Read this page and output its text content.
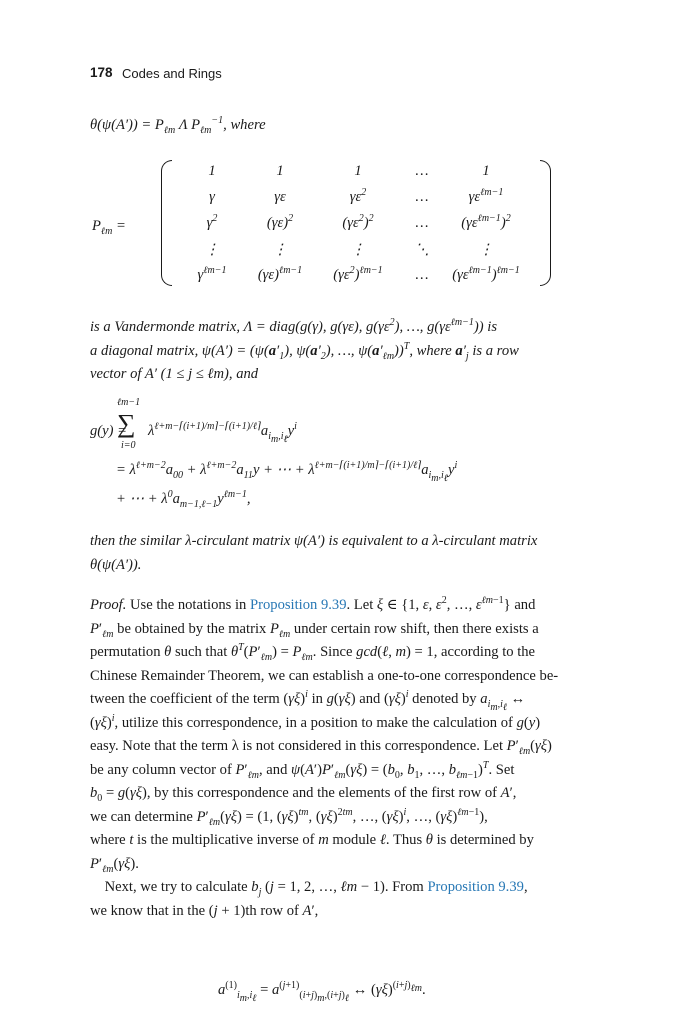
178 Codes and Rings
$\theta(\psi(A')) = P_{\ell m}$ Λ $P_{\ell m}^{-1}$, where
$P_{\ell m}$ =
1	1	1	…	1
γ	γε	$\gamma\varepsilon^2$	…	$\gamma\varepsilon^{\ell m-1}$
$\gamma^2$	$(\gamma\varepsilon)^2$	$(\gamma\varepsilon^2)^2$	…	$(\gamma\varepsilon^{\ell m-1})^2$
⋮	⋮	⋮	⋱	⋮
$\gamma^{\ell m-1}$	$(\gamma\varepsilon)^{\ell m-1}$	$(\gamma\varepsilon^2)^{\ell m-1}$	…	$(\gamma\varepsilon^{\ell m-1})^{\ell m-1}$
is a Vandermonde matrix, Λ = diag(g(γ), g(γε), $g(\gamma\varepsilon^2)$, …, $g(\gamma\varepsilon^{\ell m-1})$) is
a diagonal matrix, $\psi(A') = (\psi(a'_1)$, $\psi(a'_2)$, …, $\psi(a'_{\ell m}))^T$, where $a'_j$ is a row
vector of A′ (1 ≤ j ≤ ℓm), and
ℓm−1
g(y) =
∑ $\lambda^{\ell+m-⌈(i+1)/m⌉-⌈(i+1)/\ell⌉}a_{i_m,i_\ell}y^i$
i=0
= $\lambda^{\ell+m-2}a_{00} + \lambda^{\ell+m-2}a_{11}y$ + ⋯ + $\lambda^{\ell+m-⌈(i+1)/m⌉-⌈(i+1)/\ell⌉}a_{i_m,i_\ell}y^i$
+ ⋯ + $\lambda^0a_{m-1,\ell-1}y^{\ell m-1}$,
then the similar λ-circulant matrix ψ(A′) is equivalent to a λ-circulant matrix
θ(ψ(A′)).
Proof. Use the notations in Proposition 9.39. Let ξ ∈ {1, ε, $\varepsilon^2$, …, $\varepsilon^{\ell m-1}$} and
$P'_{\ell m}$ be obtained by the matrix $P_{\ell m}$ under certain row shift, then there exists a
permutation θ such that $\theta^T(P'_{\ell m}) = P_{\ell m}$. Since gcd(ℓ, m) = 1, according to the
Chinese Remainder Theorem, we can establish a one-to-one correspondence be-
tween the coefficient of the term $(\gamma\xi)^i$ in g(γξ) and $(\gamma\xi)^i$ denoted by $a_{i_m,i_\ell}$ ↔
$(\gamma\xi)^i$, utilize this correspondence, in a position to make the calculation of g(y)
easy. Note that the term λ is not considered in this correspondence. Let $P'_{\ell m}(\gamma\xi)$
be any column vector of $P'_{\ell m}$, and $\psi(A')P'_{\ell m}(\gamma\xi) = (b_0$, $b_1$, …, $b_{\ell m-1})^T$. Set
$b_0 = g(\gamma\xi)$, by this correspondence and the elements of the first row of A′,
we can determine $P'_{\ell m}(\gamma\xi) = (1$, $(\gamma\xi)^{tm}$, $(\gamma\xi)^{2tm}$, …, $(\gamma\xi)^i$, …, $(\gamma\xi)^{\ell m-1}$),
where t is the multiplicative inverse of m module ℓ. Thus θ is determined by
$P'_{\ell m}(\gamma\xi)$.
Next, we try to calculate $b_j$ (j = 1, 2, …, ℓm − 1). From Proposition 9.39,
we know that in the (j + 1)th row of A′,
$a^{(1)}_{i_m,i_\ell} = a^{(j+1)}_{(i+j)_m,(i+j)_\ell}$ ↔ $(\gamma\xi)^{(i+j)_{\ell m}}$.
